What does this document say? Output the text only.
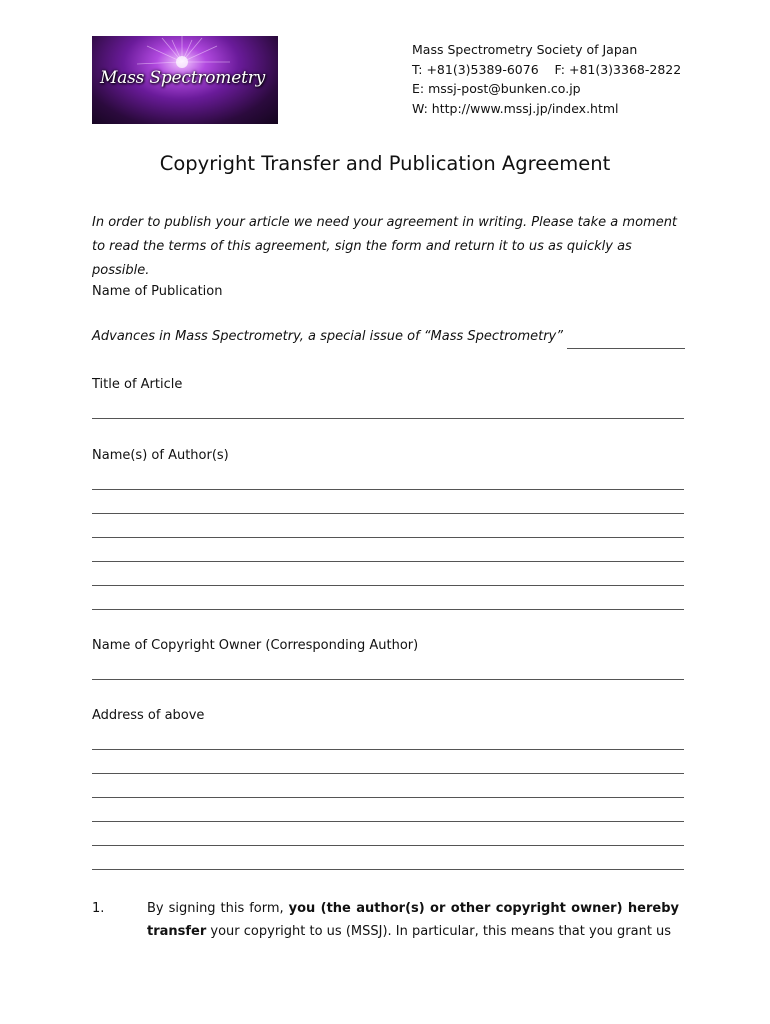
Mass Spectrometry
Mass Spectrometry Society of Japan
T: +81(3)5389-6076    F: +81(3)3368-2822
E: mssj-post@bunken.co.jp
W: http://www.mssj.jp/index.html
Copyright Transfer and Publication Agreement
In order to publish your article we need your agreement in writing. Please take a moment to read the terms of this agreement, sign the form and return it to us as quickly as possible.
Name of Publication
Advances in Mass Spectrometry, a special issue of “Mass Spectrometry”
Title of Article
Name(s) of Author(s)
Name of Copyright Owner (Corresponding Author)
Address of above
1.	By signing this form, you (the author(s) or other copyright owner) hereby transfer your copyright to us (MSSJ). In particular, this means that you grant us
